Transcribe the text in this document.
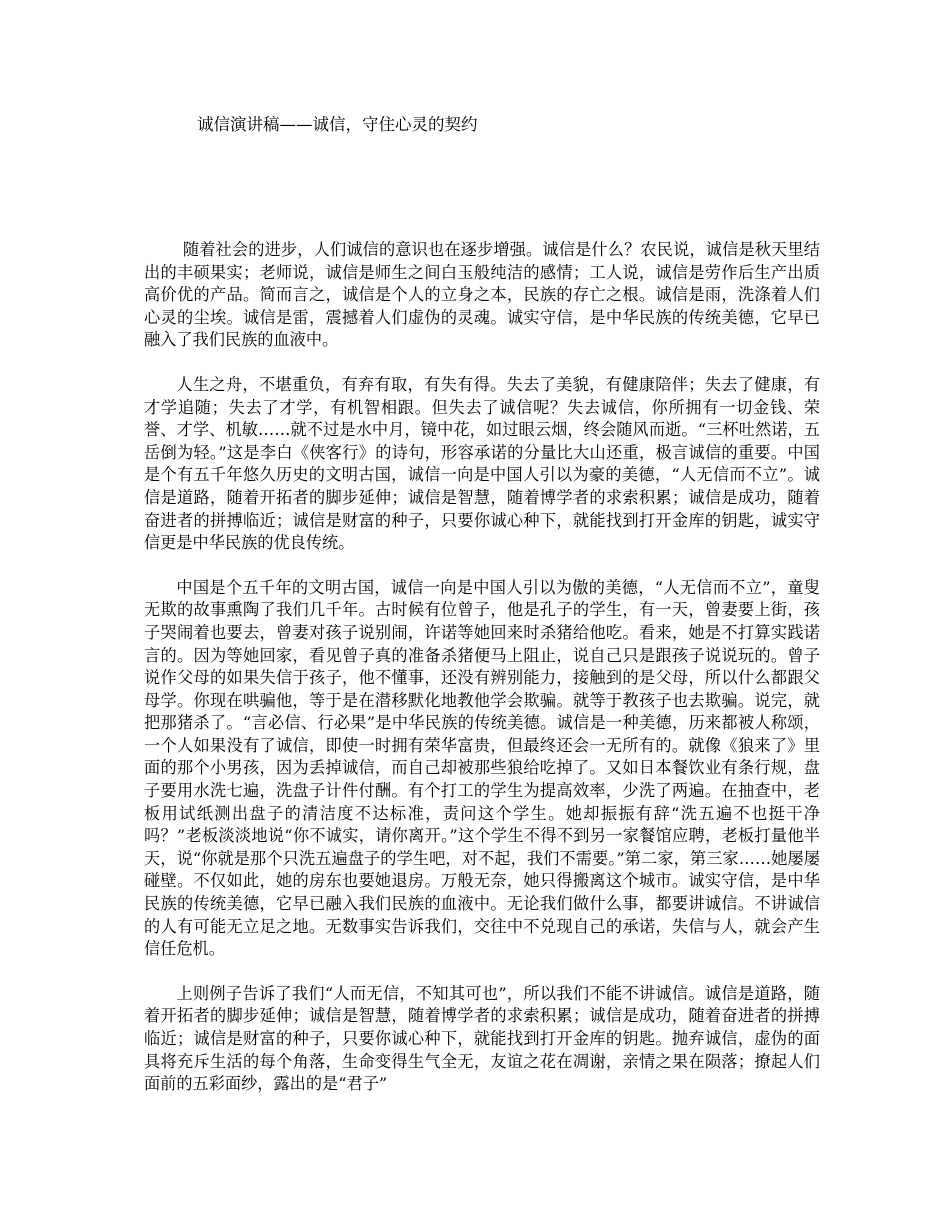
诚信演讲稿——诚信，守住心灵的契约

随着社会的进步，人们诚信的意识也在逐步增强。诚信是什么？农民说，诚信是秋天里结出的丰硕果实；老师说，诚信是师生之间白玉般纯洁的感情；工人说，诚信是劳作后生产出质高价优的产品。简而言之，诚信是个人的立身之本，民族的存亡之根。诚信是雨，洗涤着人们心灵的尘埃。诚信是雷，震撼着人们虚伪的灵魂。诚实守信，是中华民族的传统美德，它早已融入了我们民族的血液中。

人生之舟，不堪重负，有弃有取，有失有得。失去了美貌，有健康陪伴；失去了健康，有才学追随；失去了才学，有机智相跟。但失去了诚信呢？失去诚信，你所拥有一切金钱、荣誉、才学、机敏……就不过是水中月，镜中花，如过眼云烟，终会随风而逝。“三杯吐然诺，五岳倒为轻。”这是李白《侠客行》的诗句，形容承诺的分量比大山还重，极言诚信的重要。中国是个有五千年悠久历史的文明古国，诚信一向是中国人引以为豪的美德，“人无信而不立”。诚信是道路，随着开拓者的脚步延伸；诚信是智慧，随着博学者的求索积累；诚信是成功，随着奋进者的拼搏临近；诚信是财富的种子，只要你诚心种下，就能找到打开金库的钥匙，诚实守信更是中华民族的优良传统。

中国是个五千年的文明古国，诚信一向是中国人引以为傲的美德，“人无信而不立”，童叟无欺的故事熏陶了我们几千年。古时候有位曾子，他是孔子的学生，有一天，曾妻要上街，孩子哭闹着也要去，曾妻对孩子说别闹，许诺等她回来时杀猪给他吃。看来，她是不打算实践诺言的。因为等她回家，看见曾子真的准备杀猪便马上阻止，说自己只是跟孩子说说玩的。曾子说作父母的如果失信于孩子，他不懂事，还没有辨别能力，接触到的是父母，所以什么都跟父母学。你现在哄骗他，等于是在潜移默化地教他学会欺骗。就等于教孩子也去欺骗。说完，就把那猪杀了。“言必信、行必果”是中华民族的传统美德。诚信是一种美德，历来都被人称颂，一个人如果没有了诚信，即使一时拥有荣华富贵，但最终还会一无所有的。就像《狼来了》里面的那个小男孩，因为丢掉诚信，而自己却被那些狼给吃掉了。又如日本餐饮业有条行规，盘子要用水洗七遍，洗盘子计件付酬。有个打工的学生为提高效率，少洗了两遍。在抽查中，老板用试纸测出盘子的清洁度不达标准，责问这个学生。她却振振有辞“洗五遍不也挺干净吗？”老板淡淡地说“你不诚实，请你离开。”这个学生不得不到另一家餐馆应聘，老板打量他半天，说“你就是那个只洗五遍盘子的学生吧，对不起，我们不需要。”第二家，第三家……她屡屡碰壁。不仅如此，她的房东也要她退房。万般无奈，她只得搬离这个城市。诚实守信，是中华民族的传统美德，它早已融入我们民族的血液中。无论我们做什么事，都要讲诚信。不讲诚信的人有可能无立足之地。无数事实告诉我们，交往中不兑现自己的承诺，失信与人，就会产生信任危机。

上则例子告诉了我们“人而无信，不知其可也”，所以我们不能不讲诚信。诚信是道路，随着开拓者的脚步延伸；诚信是智慧，随着博学者的求索积累；诚信是成功，随着奋进者的拼搏临近；诚信是财富的种子，只要你诚心种下，就能找到打开金库的钥匙。抛弃诚信，虚伪的面具将充斥生活的每个角落，生命变得生气全无，友谊之花在凋谢，亲情之果在陨落；撩起人们面前的五彩面纱，露出的是“君子”
